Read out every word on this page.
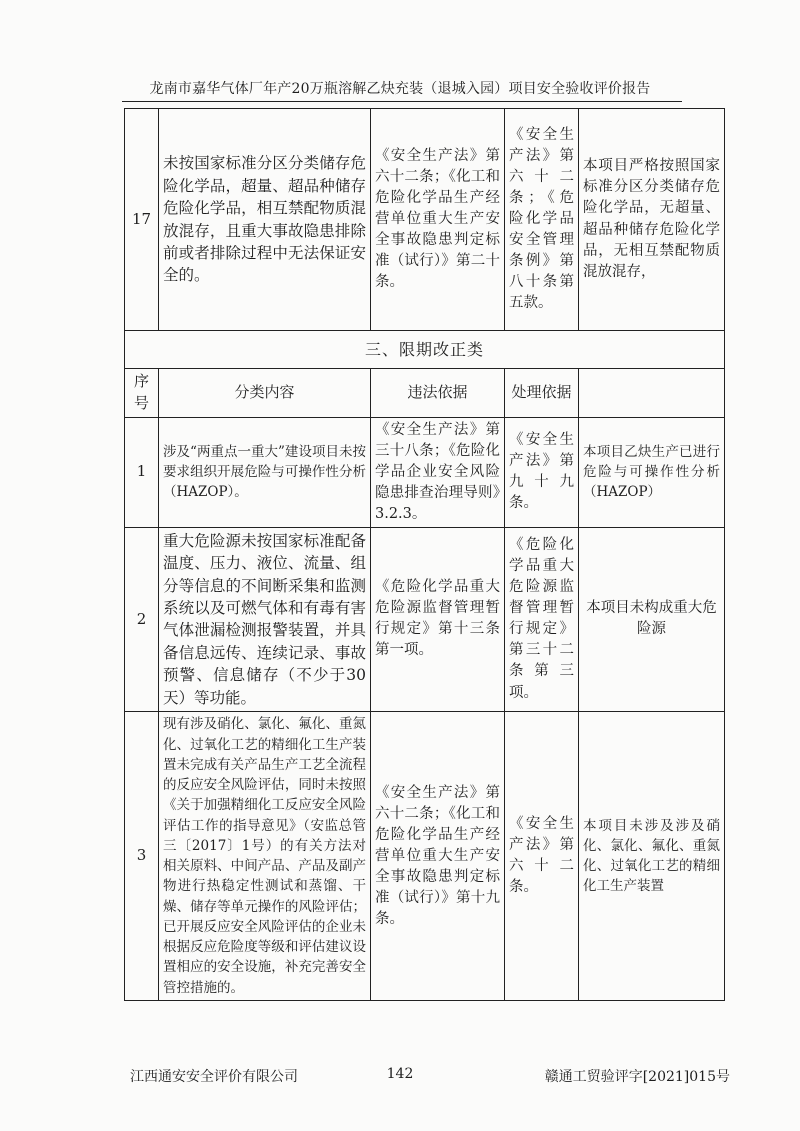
龙南市嘉华气体厂年产20万瓶溶解乙炔充装（退城入园）项目安全验收评价报告
17	未按国家标准分区分类储存危险化学品，超量、超品种储存危险化学品，相互禁配物质混放混存，且重大事故隐患排除前或者排除过程中无法保证安全的。	《安全生产法》第六十二条；《化工和危险化学品生产经营单位重大生产安全事故隐患判定标准（试行）》第二十条。	《安全生产法》第六十二条；《危险化学品安全管理条例》第八十条第五款。	本项目严格按照国家标准分区分类储存危险化学品，无超量、超品种储存危险化学品，无相互禁配物质混放混存，
三、限期改正类				
序号	分类内容	违法依据	处理依据	
1	涉及“两重点一重大”建设项目未按要求组织开展危险与可操作性分析（HAZOP）。	《安全生产法》第三十八条；《危险化学品企业安全风险隐患排查治理导则》3.2.3。	《安全生产法》第九十九条。	本项目乙炔生产已进行危险与可操作性分析（HAZOP）
2	重大危险源未按国家标准配备温度、压力、液位、流量、组分等信息的不间断采集和监测系统以及可燃气体和有毒有害气体泄漏检测报警装置，并具备信息远传、连续记录、事故预警、信息储存（不少于30天）等功能。	《危险化学品重大危险源监督管理暂行规定》第十三条第一项。	《危险化学品重大危险源监督管理暂行规定》第三十二条第三项。	本项目未构成重大危险源
3	现有涉及硝化、氯化、氟化、重氮化、过氧化工艺的精细化工生产装置未完成有关产品生产工艺全流程的反应安全风险评估，同时未按照《关于加强精细化工反应安全风险评估工作的指导意见》（安监总管三〔2017〕1号）的有关方法对相关原料、中间产品、产品及副产物进行热稳定性测试和蒸馏、干燥、储存等单元操作的风险评估；已开展反应安全风险评估的企业未根据反应危险度等级和评估建议设置相应的安全设施，补充完善安全管控措施的。	《安全生产法》第六十二条；《化工和危险化学品生产经营单位重大生产安全事故隐患判定标准（试行）》第十九条。	《安全生产法》第六十二条。	本项目未涉及涉及硝化、氯化、氟化、重氮化、过氧化工艺的精细化工生产装置
江西通安安全评价有限公司	142	赣通工贸验评字[2021]015号
